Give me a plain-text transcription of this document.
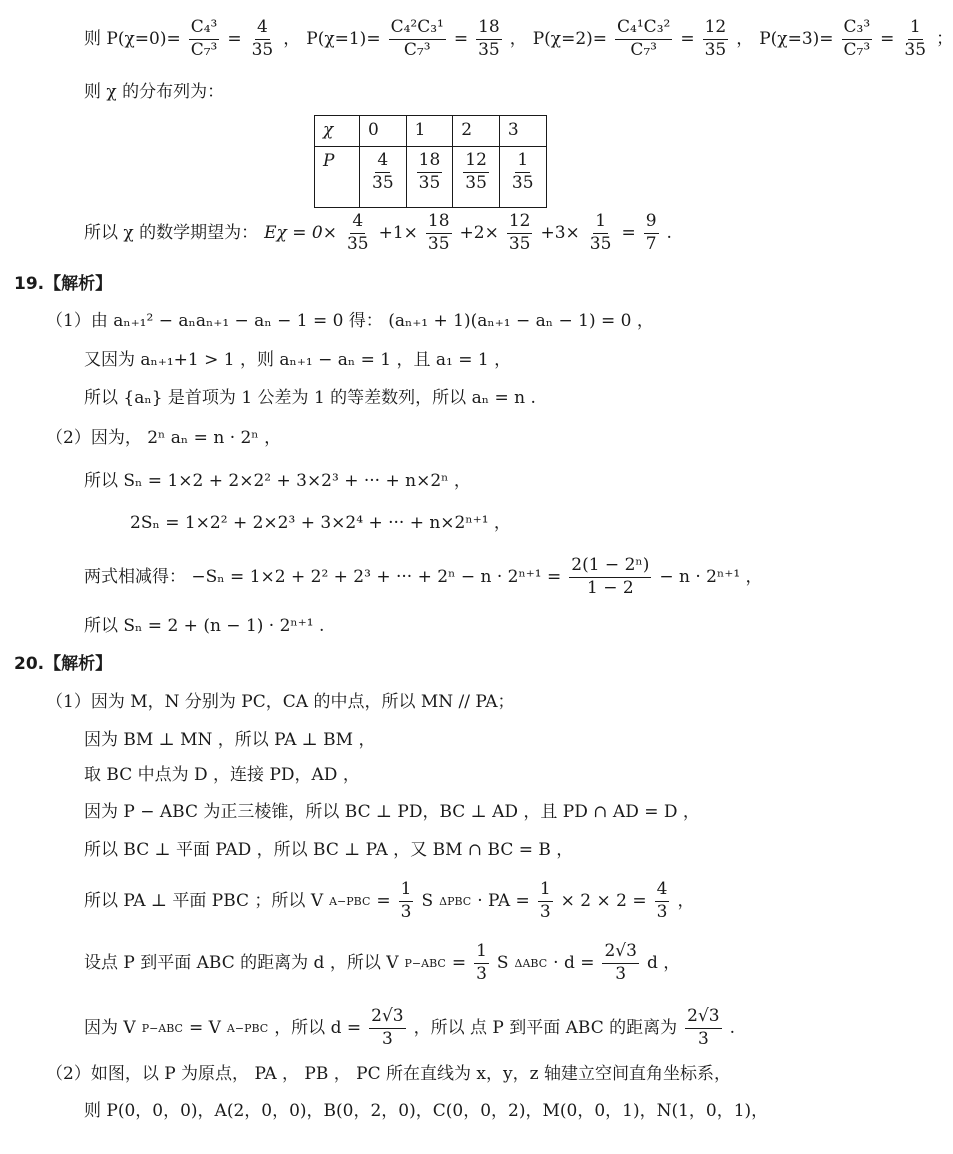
则 $P(\chi=0)= \frac{\text{C₄³}}{\text{C₇³}} = \frac{4}{35}$ ， $P(\chi=1)= \frac{\text{C₄²C₃¹}}{\text{C₇³}} = \frac{18}{35}$ ， $P(\chi=2)= \frac{\text{C₄¹C₃²}}{\text{C₇³}} = \frac{12}{35}$ ， $P(\chi=3)= \frac{\text{C₃³}}{\text{C₇³}} = \frac{1}{35}$ ；
则 χ 的分布列为：
χ	0	1	2	3
P	$\frac{4}{35}$	$\frac{18}{35}$	$\frac{12}{35}$	$\frac{1}{35}$
所以 χ 的数学期望为： $E\chi = 0\times \frac{4}{35} +1\times \frac{18}{35} +2\times \frac{12}{35} +3\times \frac{1}{35} = \frac{9}{7}$ .
19.【解析】
（1）由 aₙ₊₁² − aₙaₙ₊₁ − aₙ − 1 = 0 得： (aₙ₊₁ + 1)(aₙ₊₁ − aₙ − 1) = 0 ，
又因为 aₙ₊₁+1 > 1 ，则 aₙ₊₁ − aₙ = 1 ，且 a₁ = 1 ，
所以 {aₙ} 是首项为 1 公差为 1 的等差数列，所以 aₙ = n .
（2）因为， 2ⁿ aₙ = n · 2ⁿ ，
所以 Sₙ = 1×2 + 2×2² + 3×2³ + ··· + n×2ⁿ ，
2Sₙ = 1×2² + 2×2³ + 3×2⁴ + ··· + n×2ⁿ⁺¹ ，
两式相减得： −Sₙ = 1×2 + 2² + 2³ + ··· + $2^n - n \cdot 2^{n+1} = \frac{\text{2(1 − 2ⁿ)}}{1 - 2} - n \cdot 2^{n+1}$ ，
所以 Sₙ = 2 + (n − 1) · 2ⁿ⁺¹ .
20.【解析】
（1）因为 M，N 分别为 PC，CA 的中点，所以 MN // PA；
因为 BM ⊥ MN ，所以 PA ⊥ BM ，
取 BC 中点为 D ，连接 PD，AD ，
因为 P − ABC 为正三棱锥，所以 BC ⊥ PD，BC ⊥ AD ，且 PD ∩ AD = D ，
所以 BC ⊥ 平面 PAD ，所以 BC ⊥ PA ，又 BM ∩ BC = B ，
所以 PA ⊥ 平面 PBC ；所以 V $A-PBC = \frac{1}{3}$ S ΔPBC · PA = $\frac{1}{3} \times 2 \times 2 = \frac{4}{3}$ ，
设点 P 到平面 ABC 的距离为 d ，所以 V $P-ABC = \frac{1}{3}$ S $\Delta ABC \cdot d = \frac{2√3}{3}$ d ，
因为 V P−ABC = V A−PBC ，所以 $d = \frac{2√3}{3}$ ，所以 点 P 到平面 ABC 的距离为 $\frac{2√3}{3}$ .
（2）如图，以 P 为原点， PA ， PB ， PC 所在直线为 x，y，z 轴建立空间直角坐标系，
则 P(0，0，0)，A(2，0，0)，B(0，2，0)，C(0，0，2)，M(0，0，1)，N(1，0，1)，
